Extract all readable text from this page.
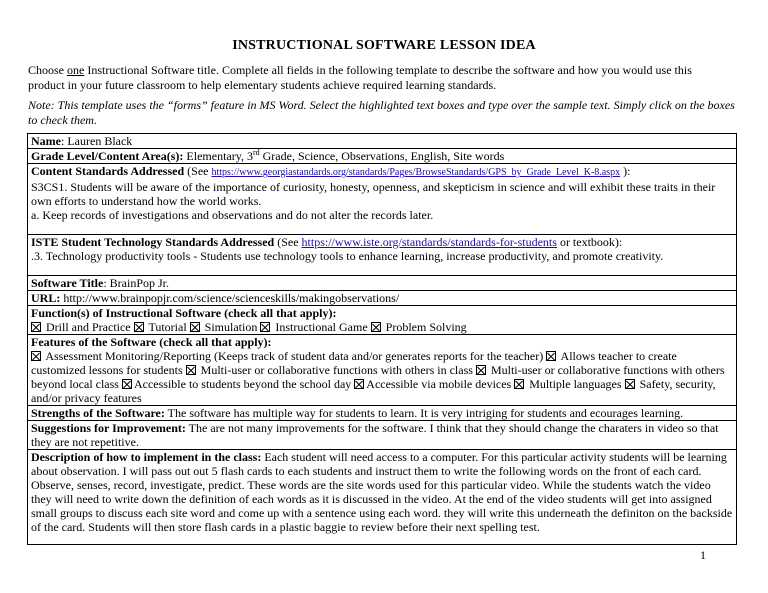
INSTRUCTIONAL SOFTWARE LESSON IDEA
Choose one Instructional Software title. Complete all fields in the following template to describe the software and how you would use this product in your future classroom to help elementary students achieve required learning standards.
Note: This template uses the “forms” feature in MS Word. Select the highlighted text boxes and type over the sample text. Simply click on the boxes to check them.
Name: Lauren Black
Grade Level/Content Area(s): Elementary, 3rd Grade, Science, Observations, English, Site words
Content Standards Addressed (See https://www.georgiastandards.org/standards/Pages/BrowseStandards/GPS_by_Grade_Level_K-8.aspx ):
S3CS1. Students will be aware of the importance of curiosity, honesty, openness, and skepticism in science and will exhibit these traits in their own efforts to understand how the world works.
a. Keep records of investigations and observations and do not alter the records later.
ISTE Student Technology Standards Addressed (See https://www.iste.org/standards/standards-for-students or textbook):
.3. Technology productivity tools - Students use technology tools to enhance learning, increase productivity, and promote creativity.
Software Title: BrainPop Jr.
URL: http://www.brainpopjr.com/science/scienceskills/makingobservations/
Function(s) of Instructional Software (check all that apply):
Drill and Practice Tutorial Simulation Instructional Game Problem Solving
Features of the Software (check all that apply):
Assessment Monitoring/Reporting (Keeps track of student data and/or generates reports for the teacher) Allows teacher to create customized lessons for students Multi-user or collaborative functions with others in class Multi-user or collaborative functions with others beyond local class Accessible to students beyond the school day Accessible via mobile devices Multiple languages Safety, security, and/or privacy features
Strengths of the Software: The software has multiple way for students to learn. It is very intriging for students and ecourages learning.
Suggestions for Improvement: The are not many improvements for the software. I think that they should change the charaters in video so that they are not repetitive.
Description of how to implement in the class: Each student will need access to a computer. For this particular activity students will be learning about observation. I will pass out out 5 flash cards to each students and instruct them to write the following words on the front of each card. Observe, senses, record, investigate, predict. These words are the site words used for this particular video. While the students watch the video they will need to write down the definition of each words as it is discussed in the video. At the end of the video students will get into assigned small groups to discuss each site word and come up with a sentence using each word. they will write this underneath the definiton on the backside of the card. Students will then store flash cards in a plastic baggie to review before their next spelling test.
1
